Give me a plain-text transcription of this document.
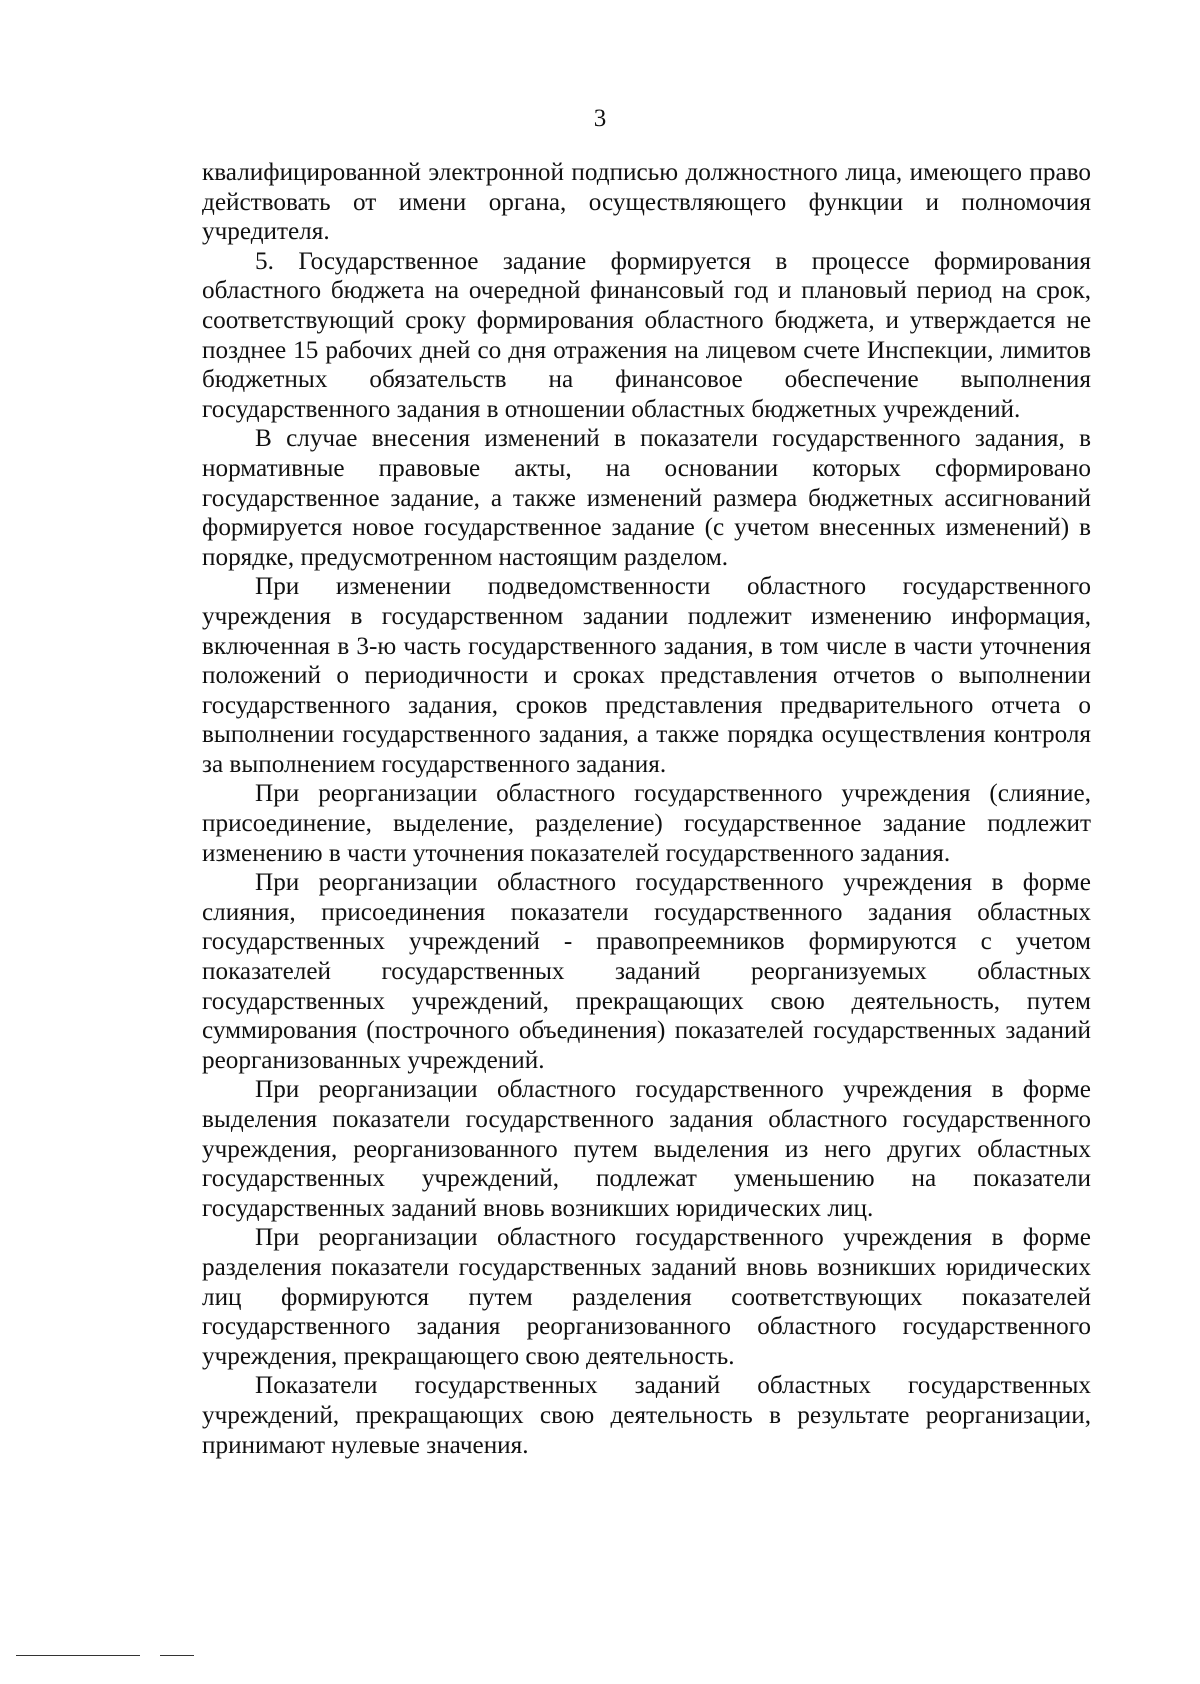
3

квалифицированной электронной подписью должностного лица, имеющего право действовать от имени органа, осуществляющего функции и полномочия учредителя.

5. Государственное задание формируется в процессе формирования областного бюджета на очередной финансовый год и плановый период на срок, соответствующий сроку формирования областного бюджета, и утверждается не позднее 15 рабочих дней со дня отражения на лицевом счете Инспекции, лимитов бюджетных обязательств на финансовое обеспечение выполнения государственного задания в отношении областных бюджетных учреждений.

В случае внесения изменений в показатели государственного задания, в нормативные правовые акты, на основании которых сформировано государственное задание, а также изменений размера бюджетных ассигнований формируется новое государственное задание (с учетом внесенных изменений) в порядке, предусмотренном настоящим разделом.

При изменении подведомственности областного государственного учреждения в государственном задании подлежит изменению информация, включенная в 3-ю часть государственного задания, в том числе в части уточнения положений о периодичности и сроках представления отчетов о выполнении государственного задания, сроков представления предварительного отчета о выполнении государственного задания, а также порядка осуществления контроля за выполнением государственного задания.

При реорганизации областного государственного учреждения (слияние, присоединение, выделение, разделение) государственное задание подлежит изменению в части уточнения показателей государственного задания.

При реорганизации областного государственного учреждения в форме слияния, присоединения показатели государственного задания областных государственных учреждений - правопреемников формируются с учетом показателей государственных заданий реорганизуемых областных государственных учреждений, прекращающих свою деятельность, путем суммирования (построчного объединения) показателей государственных заданий реорганизованных учреждений.

При реорганизации областного государственного учреждения в форме выделения показатели государственного задания областного государственного учреждения, реорганизованного путем выделения из него других областных государственных учреждений, подлежат уменьшению на показатели государственных заданий вновь возникших юридических лиц.

При реорганизации областного государственного учреждения в форме разделения показатели государственных заданий вновь возникших юридических лиц формируются путем разделения соответствующих показателей государственного задания реорганизованного областного государственного учреждения, прекращающего свою деятельность.

Показатели государственных заданий областных государственных учреждений, прекращающих свою деятельность в результате реорганизации, принимают нулевые значения.
